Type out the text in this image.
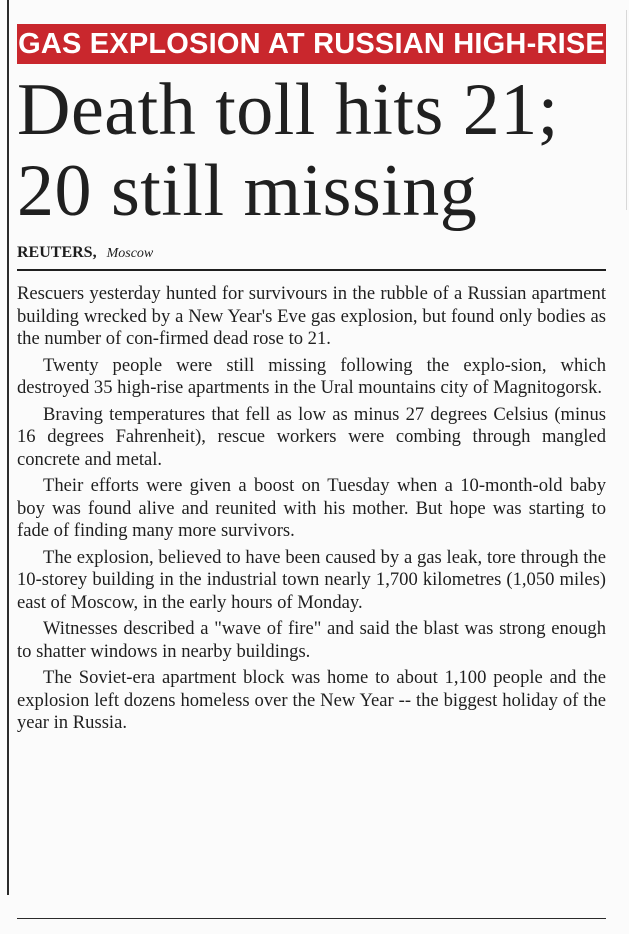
GAS EXPLOSION AT RUSSIAN HIGH-RISE
Death toll hits 21;
20 still missing
REUTERS, Moscow

Rescuers yesterday hunted for survivours in the rubble of a Russian apartment building wrecked by a New Year's Eve gas explosion, but found only bodies as the number of con-firmed dead rose to 21.

Twenty people were still missing following the explo-sion, which destroyed 35 high-rise apartments in the Ural mountains city of Magnitogorsk.

Braving temperatures that fell as low as minus 27 degrees Celsius (minus 16 degrees Fahrenheit), rescue workers were combing through mangled concrete and metal.

Their efforts were given a boost on Tuesday when a 10-month-old baby boy was found alive and reunited with his mother. But hope was starting to fade of finding many more survivors.

The explosion, believed to have been caused by a gas leak, tore through the 10-storey building in the industrial town nearly 1,700 kilometres (1,050 miles) east of Moscow, in the early hours of Monday.

Witnesses described a "wave of fire" and said the blast was strong enough to shatter windows in nearby buildings.

The Soviet-era apartment block was home to about 1,100 people and the explosion left dozens homeless over the New Year -- the biggest holiday of the year in Russia.
